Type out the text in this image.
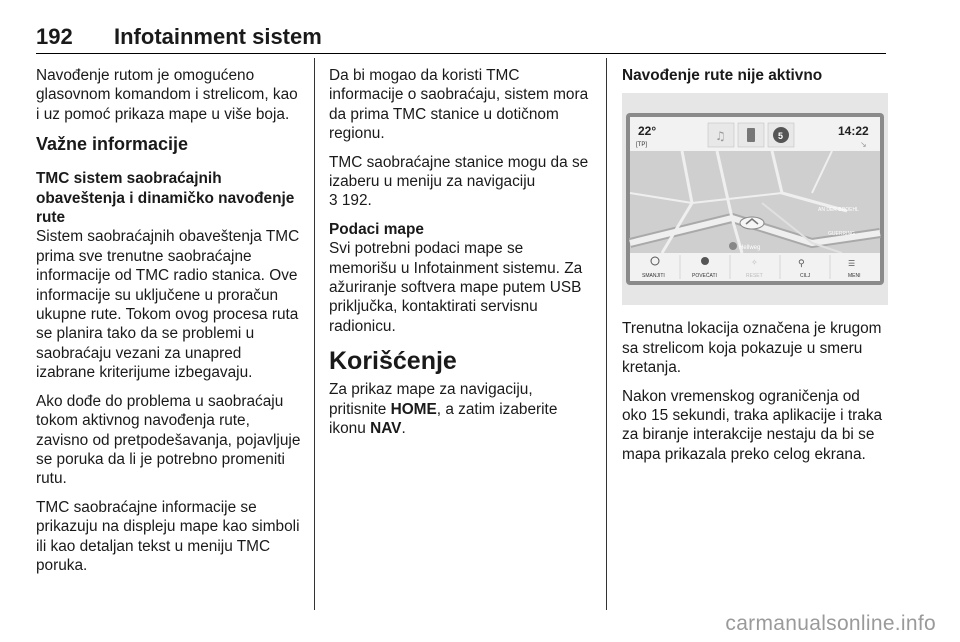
192 Infotainment sistem

Navođenje rutom je omogućeno glasovnom komandom i strelicom, kao i uz pomoć prikaza mape u više boja.

Važne informacije
TMC sistem saobraćajnih obaveštenja i dinamičko navođenje rute

Sistem saobraćajnih obaveštenja TMC prima sve trenutne saobraćajne informacije od TMC radio stanica. Ove informacije su uključene u proračun ukupne rute. Tokom ovog procesa ruta se planira tako da se problemi u saobraćaju vezani za unapred izabrane kriterijume izbegavaju.

Ako dođe do problema u saobraćaju tokom aktivnog navođenja rute, zavisno od pretpodešavanja, pojavljuje se poruka da li je potrebno promeniti rutu.

TMC saobraćajne informacije se prikazuju na displeju mape kao simboli ili kao detaljan tekst u meniju TMC poruka.

Da bi mogao da koristi TMC informacije o saobraćaju, sistem mora da prima TMC stanice u dotičnom regionu.

TMC saobraćajne stanice mogu da se izaberu u meniju za navigaciju
3 192.

Podaci mape

Svi potrebni podaci mape se memorišu u Infotainment sistemu. Za ažuriranje softvera mape putem USB priključka, kontaktirati servisnu radionicu.

Korišćenje

Za prikaz mape za navigaciju, pritisnite HOME, a zatim izaberite ikonu NAV.

Navođenje rute nije aktivno
22°
[TP]
♫	5	14:22
↘
AN DER BROEHL
GUERRING
Hellweg
SMANJITI	POVEĆATI
✧
RESET
⚲
CILJ
☰
MENI

Trenutna lokacija označena je krugom sa strelicom koja pokazuje u smeru kretanja.

Nakon vremenskog ograničenja od oko 15 sekundi, traka aplikacije i traka za biranje interakcije nestaju da bi se mapa prikazala preko celog ekrana.

carmanualsonline.info
